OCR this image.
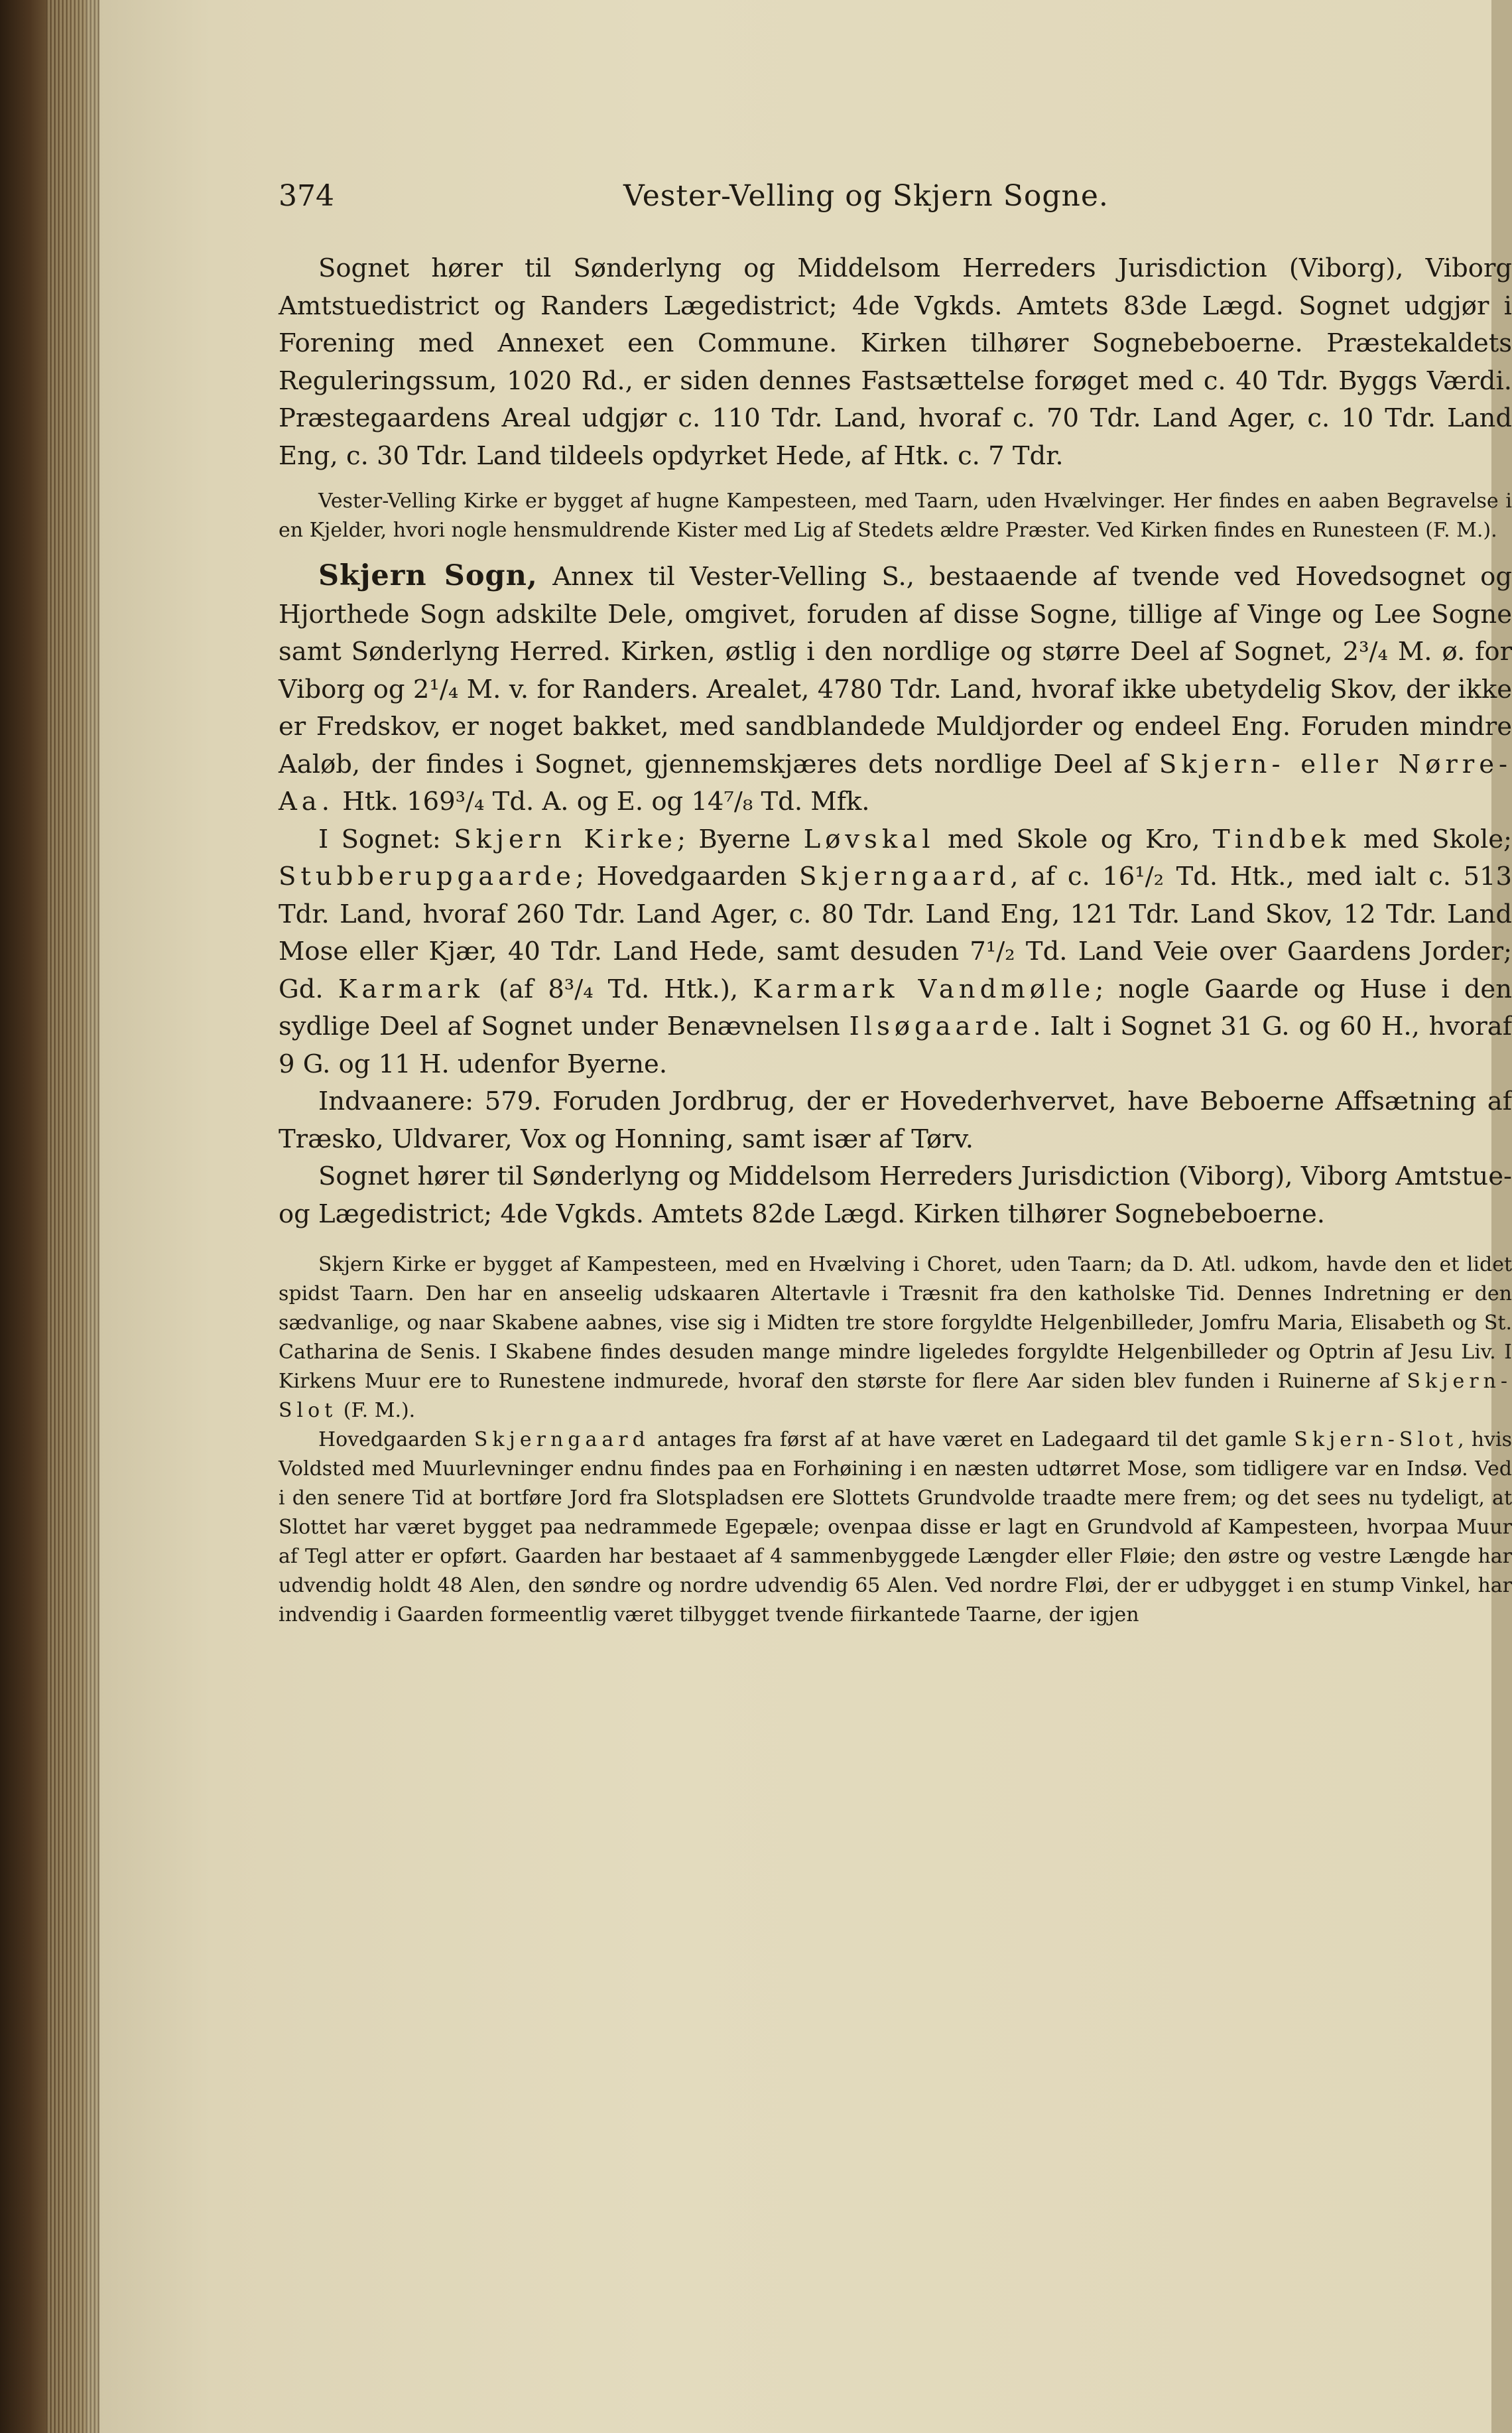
374	Vester-Velling og Skjern Sogne.

Sognet hører til Sønderlyng og Middelsom Herreders Jurisdiction (Viborg), Viborg Amtstuedistrict og Randers Lægedistrict; 4de Vgkds. Amtets 83de Lægd. Sognet udgjør i Forening med Annexet een Commune. Kirken tilhører Sognebeboerne. Præstekaldets Reguleringssum, 1020 Rd., er siden dennes Fastsættelse forøget med c. 40 Tdr. Byggs Værdi. Præstegaardens Areal udgjør c. 110 Tdr. Land, hvoraf c. 70 Tdr. Land Ager, c. 10 Tdr. Land Eng, c. 30 Tdr. Land tildeels opdyrket Hede, af Htk. c. 7 Tdr.

Vester-Velling Kirke er bygget af hugne Kampesteen, med Taarn, uden Hvælvinger. Her findes en aaben Begravelse i en Kjelder, hvori nogle hensmuldrende Kister med Lig af Stedets ældre Præster. Ved Kirken findes en Runesteen (F. M.).

Skjern Sogn, Annex til Vester-Velling S., bestaaende af tvende ved Hovedsognet og Hjorthede Sogn adskilte Dele, omgivet, foruden af disse Sogne, tillige af Vinge og Lee Sogne samt Sønderlyng Herred. Kirken, østlig i den nordlige og større Deel af Sognet, 2³/₄ M. ø. for Viborg og 2¹/₄ M. v. for Randers. Arealet, 4780 Tdr. Land, hvoraf ikke ubetydelig Skov, der ikke er Fredskov, er noget bakket, med sandblandede Muldjorder og endeel Eng. Foruden mindre Aaløb, der findes i Sognet, gjennemskjæres dets nordlige Deel af Skjern- eller Nørre-Aa. Htk. 169³/₄ Td. A. og E. og 14⁷/₈ Td. Mfk.

I Sognet: Skjern Kirke; Byerne Løvskal med Skole og Kro, Tindbek med Skole; Stubberupgaarde; Hovedgaarden Skjerngaard, af c. 16¹/₂ Td. Htk., med ialt c. 513 Tdr. Land, hvoraf 260 Tdr. Land Ager, c. 80 Tdr. Land Eng, 121 Tdr. Land Skov, 12 Tdr. Land Mose eller Kjær, 40 Tdr. Land Hede, samt desuden 7¹/₂ Td. Land Veie over Gaardens Jorder; Gd. Karmark (af 8³/₄ Td. Htk.), Karmark Vandmølle; nogle Gaarde og Huse i den sydlige Deel af Sognet under Benævnelsen Ilsøgaarde. Ialt i Sognet 31 G. og 60 H., hvoraf 9 G. og 11 H. udenfor Byerne.

Indvaanere: 579. Foruden Jordbrug, der er Hovederhvervet, have Beboerne Affsætning af Træsko, Uldvarer, Vox og Honning, samt især af Tørv.

Sognet hører til Sønderlyng og Middelsom Herreders Jurisdiction (Viborg), Viborg Amtstue- og Lægedistrict; 4de Vgkds. Amtets 82de Lægd. Kirken tilhører Sognebeboerne.

Skjern Kirke er bygget af Kampesteen, med en Hvælving i Choret, uden Taarn; da D. Atl. udkom, havde den et lidet spidst Taarn. Den har en anseelig udskaaren Altertavle i Træsnit fra den katholske Tid. Dennes Indretning er den sædvanlige, og naar Skabene aabnes, vise sig i Midten tre store forgyldte Helgenbilleder, Jomfru Maria, Elisabeth og St. Catharina de Senis. I Skabene findes desuden mange mindre ligeledes forgyldte Helgenbilleder og Optrin af Jesu Liv. I Kirkens Muur ere to Runestene indmurede, hvoraf den største for flere Aar siden blev funden i Ruinerne af Skjern-Slot (F. M.).

Hovedgaarden Skjerngaard antages fra først af at have været en Ladegaard til det gamle Skjern-Slot, hvis Voldsted med Muurlevninger endnu findes paa en Forhøining i en næsten udtørret Mose, som tidligere var en Indsø. Ved i den senere Tid at bortføre Jord fra Slotspladsen ere Slottets Grundvolde traadte mere frem; og det sees nu tydeligt, at Slottet har været bygget paa nedrammede Egepæle; ovenpaa disse er lagt en Grundvold af Kampesteen, hvorpaa Muur af Tegl atter er opført. Gaarden har bestaaet af 4 sammenbyggede Længder eller Fløie; den østre og vestre Længde har udvendig holdt 48 Alen, den søndre og nordre udvendig 65 Alen. Ved nordre Fløi, der er udbygget i en stump Vinkel, har indvendig i Gaarden formeentlig været tilbygget tvende fiirkantede Taarne, der igjen
